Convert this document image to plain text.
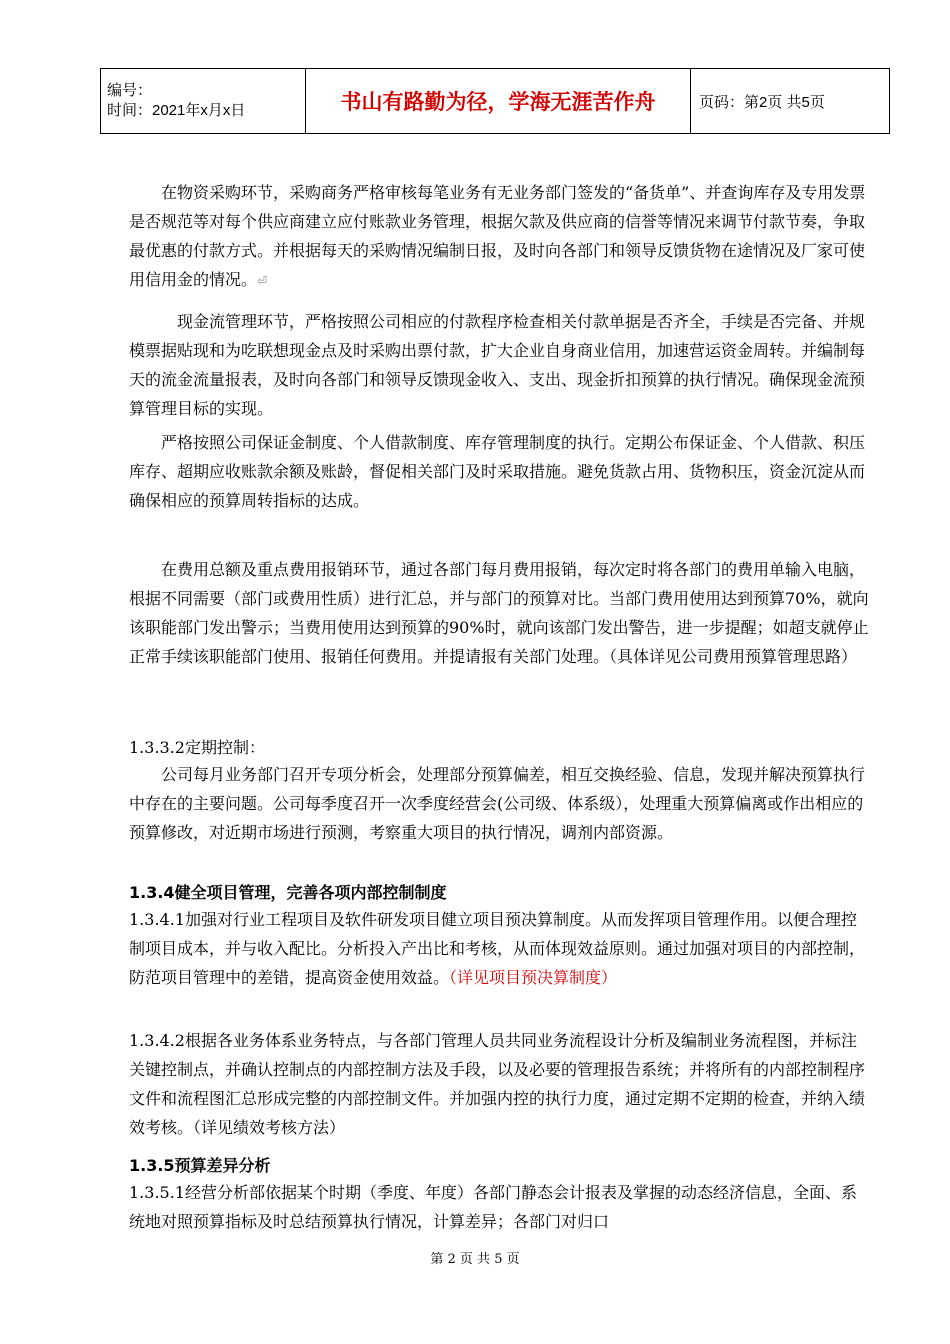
编号：
时间：2021年x月x日	书山有路勤为径，学海无涯苦作舟	页码：第2页 共5页

　　在物资采购环节，采购商务严格审核每笔业务有无业务部门签发的“备货单”、并查询库存及专用发票是否规范等对每个供应商建立应付账款业务管理，根据欠款及供应商的信誉等情况来调节付款节奏，争取最优惠的付款方式。并根据每天的采购情况编制日报，及时向各部门和领导反馈货物在途情况及厂家可使用信用金的情况。⏎

　　　现金流管理环节，严格按照公司相应的付款程序检查相关付款单据是否齐全，手续是否完备、并规模票据贴现和为吃联想现金点及时采购出票付款，扩大企业自身商业信用，加速营运资金周转。并编制每天的流金流量报表，及时向各部门和领导反馈现金收入、支出、现金折扣预算的执行情况。确保现金流预算管理目标的实现。

　　严格按照公司保证金制度、个人借款制度、库存管理制度的执行。定期公布保证金、个人借款、积压库存、超期应收账款余额及账龄，督促相关部门及时采取措施。避免货款占用、货物积压，资金沉淀从而确保相应的预算周转指标的达成。

　　在费用总额及重点费用报销环节，通过各部门每月费用报销，每次定时将各部门的费用单输入电脑，根据不同需要（部门或费用性质）进行汇总，并与部门的预算对比。当部门费用使用达到预算70%，就向该职能部门发出警示；当费用使用达到预算的90%时，就向该部门发出警告，进一步提醒；如超支就停止正常手续该职能部门使用、报销任何费用。并提请报有关部门处理。（具体详见公司费用预算管理思路）

1.3.3.2定期控制：

　　公司每月业务部门召开专项分析会，处理部分预算偏差，相互交换经验、信息，发现并解决预算执行中存在的主要问题。公司每季度召开一次季度经营会(公司级、体系级），处理重大预算偏离或作出相应的预算修改，对近期市场进行预测，考察重大项目的执行情况，调剂内部资源。

1.3.4健全项目管理，完善各项内部控制制度

1.3.4.1加强对行业工程项目及软件研发项目健立项目预决算制度。从而发挥项目管理作用。以便合理控制项目成本，并与收入配比。分析投入产出比和考核，从而体现效益原则。通过加强对项目的内部控制，防范项目管理中的差错，提高资金使用效益。（详见项目预决算制度）

1.3.4.2根据各业务体系业务特点，与各部门管理人员共同业务流程设计分析及编制业务流程图，并标注关键控制点，并确认控制点的内部控制方法及手段，以及必要的管理报告系统；并将所有的内部控制程序文件和流程图汇总形成完整的内部控制文件。并加强内控的执行力度，通过定期不定期的检查，并纳入绩效考核。（详见绩效考核方法）

1.3.5预算差异分析

1.3.5.1经营分析部依据某个时期（季度、年度）各部门静态会计报表及掌握的动态经济信息，全面、系统地对照预算指标及时总结预算执行情况，计算差异；各部门对归口

第 2 页 共 5 页
